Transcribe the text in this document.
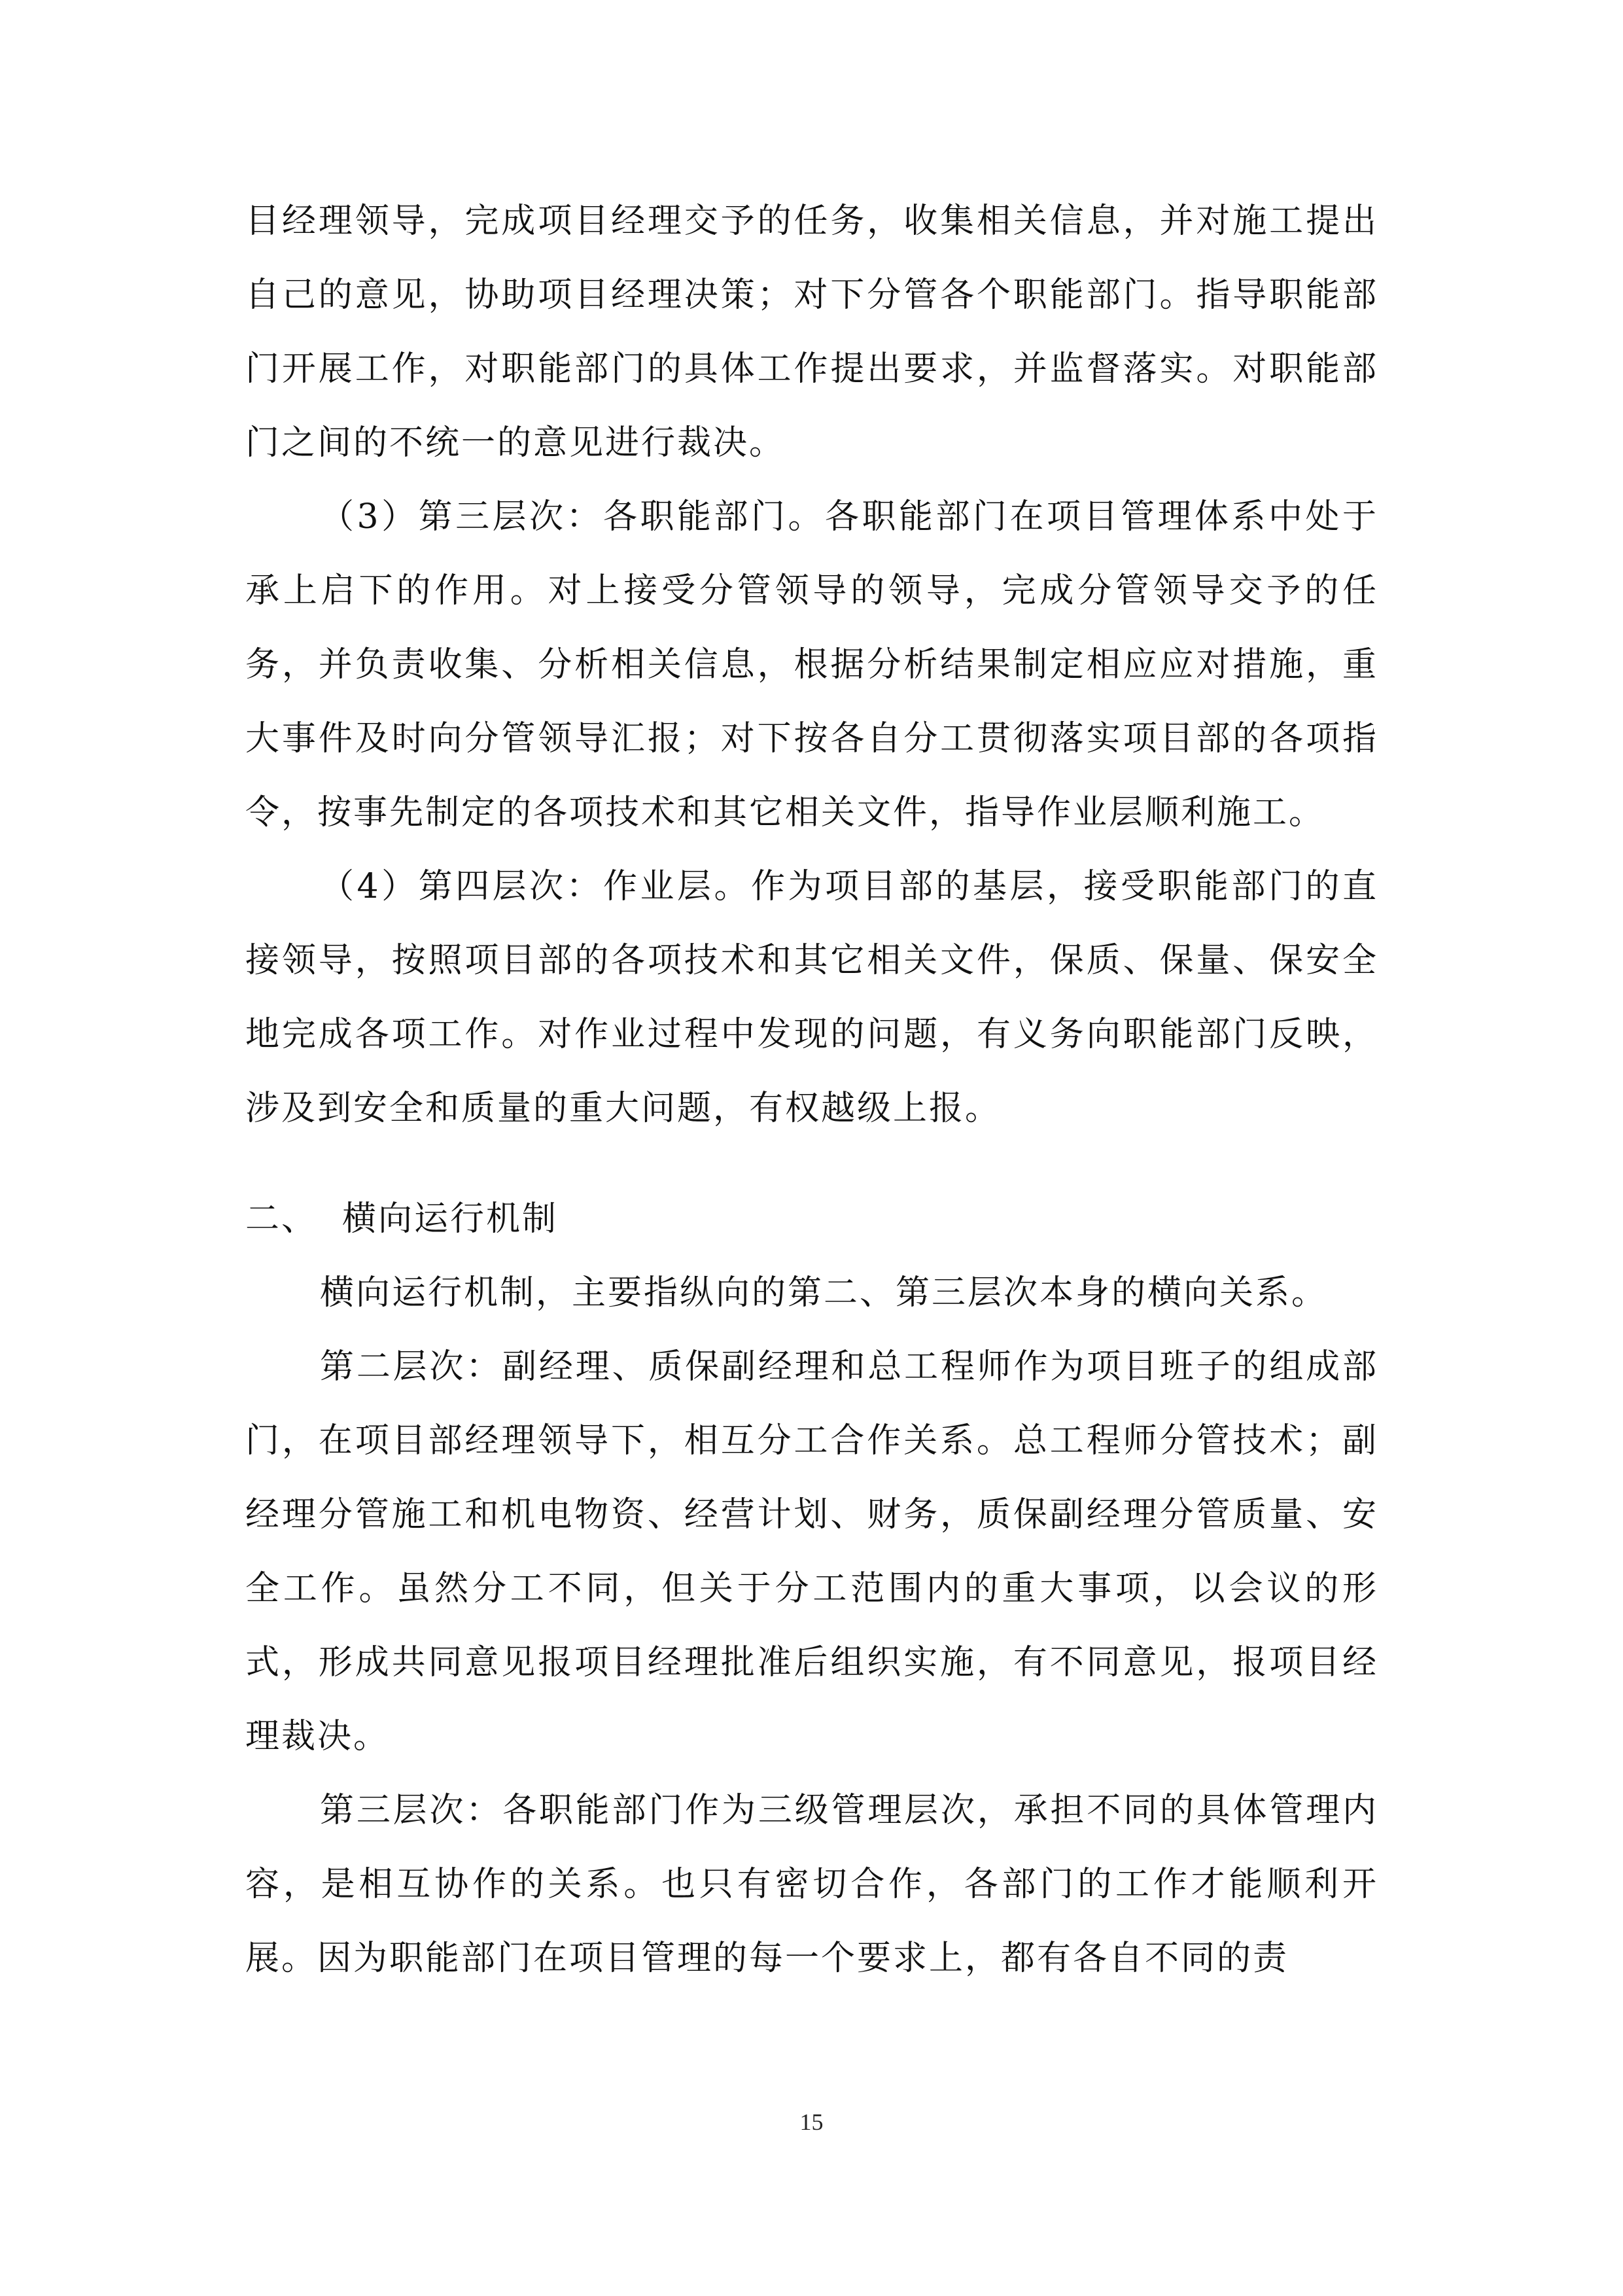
目经理领导，完成项目经理交予的任务，收集相关信息，并对施工提出自己的意见，协助项目经理决策；对下分管各个职能部门。指导职能部门开展工作，对职能部门的具体工作提出要求，并监督落实。对职能部门之间的不统一的意见进行裁决。

（3）第三层次：各职能部门。各职能部门在项目管理体系中处于承上启下的作用。对上接受分管领导的领导，完成分管领导交予的任务，并负责收集、分析相关信息，根据分析结果制定相应应对措施，重大事件及时向分管领导汇报；对下按各自分工贯彻落实项目部的各项指令，按事先制定的各项技术和其它相关文件，指导作业层顺利施工。

（4）第四层次：作业层。作为项目部的基层，接受职能部门的直接领导，按照项目部的各项技术和其它相关文件，保质、保量、保安全地完成各项工作。对作业过程中发现的问题，有义务向职能部门反映，涉及到安全和质量的重大问题，有权越级上报。

二、 横向运行机制

横向运行机制，主要指纵向的第二、第三层次本身的横向关系。

第二层次：副经理、质保副经理和总工程师作为项目班子的组成部门，在项目部经理领导下，相互分工合作关系。总工程师分管技术；副经理分管施工和机电物资、经营计划、财务，质保副经理分管质量、安全工作。虽然分工不同，但关于分工范围内的重大事项，以会议的形式，形成共同意见报项目经理批准后组织实施，有不同意见，报项目经理裁决。

第三层次：各职能部门作为三级管理层次，承担不同的具体管理内容，是相互协作的关系。也只有密切合作，各部门的工作才能顺利开展。因为职能部门在项目管理的每一个要求上，都有各自不同的责

15
